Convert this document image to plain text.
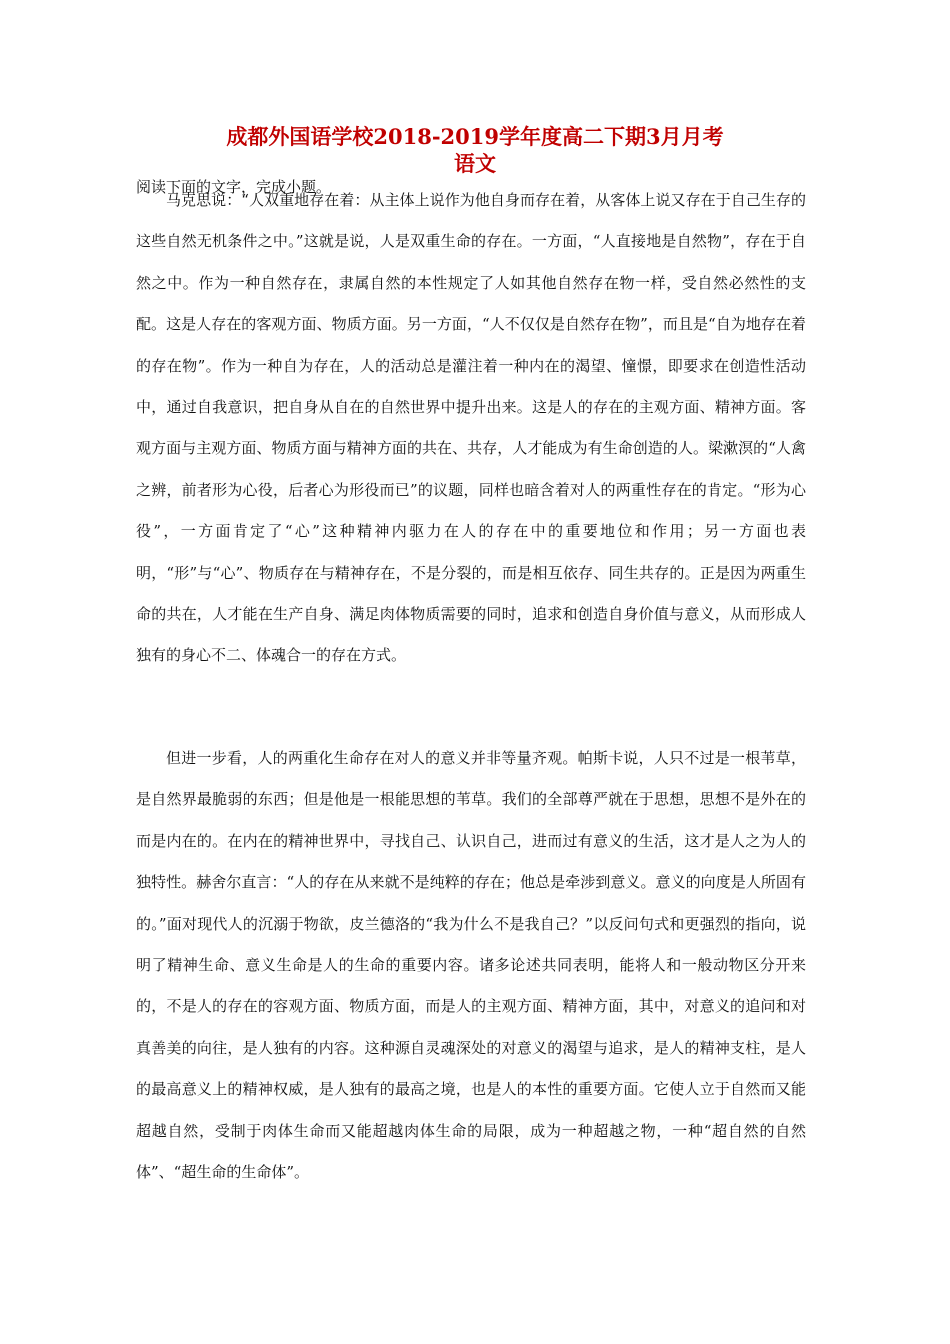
成都外国语学校2018-2019学年度高二下期3月月考
语文
阅读下面的文字，完成小题。

马克思说：“人双重地存在着：从主体上说作为他自身而存在着，从客体上说又存在于自己生存的这些自然无机条件之中。”这就是说，人是双重生命的存在。一方面，“人直接地是自然物”，存在于自然之中。作为一种自然存在，隶属自然的本性规定了人如其他自然存在物一样，受自然必然性的支配。这是人存在的客观方面、物质方面。另一方面，“人不仅仅是自然存在物”，而且是“自为地存在着的存在物”。作为一种自为存在，人的活动总是灌注着一种内在的渴望、憧憬，即要求在创造性活动中，通过自我意识，把自身从自在的自然世界中提升出来。这是人的存在的主观方面、精神方面。客观方面与主观方面、物质方面与精神方面的共在、共存，人才能成为有生命创造的人。梁漱溟的“人禽之辨，前者形为心役，后者心为形役而已”的议题，同样也暗含着对人的两重性存在的肯定。“形为心役”，一方面肯定了“心”这种精神内驱力在人的存在中的重要地位和作用；另一方面也表明，“形”与“心”、物质存在与精神存在，不是分裂的，而是相互依存、同生共存的。正是因为两重生命的共在，人才能在生产自身、满足肉体物质需要的同时，追求和创造自身价值与意义，从而形成人独有的身心不二、体魂合一的存在方式。

但进一步看，人的两重化生命存在对人的意义并非等量齐观。帕斯卡说，人只不过是一根苇草，是自然界最脆弱的东西；但是他是一根能思想的苇草。我们的全部尊严就在于思想，思想不是外在的而是内在的。在内在的精神世界中，寻找自己、认识自己，进而过有意义的生活，这才是人之为人的独特性。赫舍尔直言：“人的存在从来就不是纯粹的存在；他总是牵涉到意义。意义的向度是人所固有的。”面对现代人的沉溺于物欲，皮兰德洛的“我为什么不是我自己？”以反问句式和更强烈的指向，说明了精神生命、意义生命是人的生命的重要内容。诸多论述共同表明，能将人和一般动物区分开来的，不是人的存在的容观方面、物质方面，而是人的主观方面、精神方面，其中，对意义的追问和对真善美的向往，是人独有的内容。这种源自灵魂深处的对意义的渴望与追求，是人的精神支柱，是人的最高意义上的精神权威，是人独有的最高之境，也是人的本性的重要方面。它使人立于自然而又能超越自然，受制于肉体生命而又能超越肉体生命的局限，成为一种超越之物，一种“超自然的自然体”、“超生命的生命体”。
